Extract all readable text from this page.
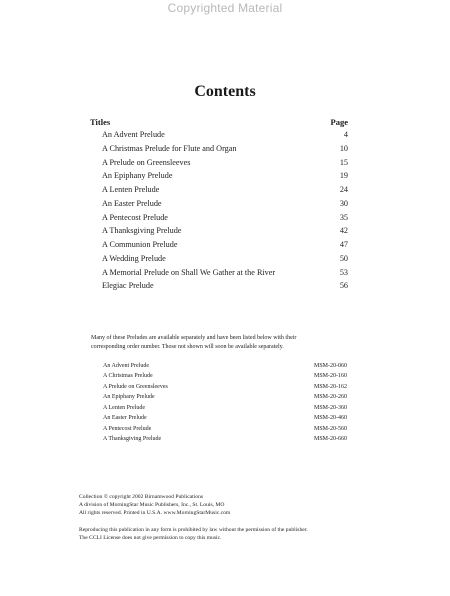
Copyrighted Material
Contents
Titles	Page
An Advent Prelude	4
A Christmas Prelude for Flute and Organ	10
A Prelude on Greensleeves	15
An Epiphany Prelude	19
A Lenten Prelude	24
An Easter Prelude	30
A Pentecost Prelude	35
A Thanksgiving Prelude	42
A Communion Prelude	47
A Wedding Prelude	50
A Memorial Prelude on Shall We Gather at the River	53
Elegiac Prelude	56
Many of these Preludes are available separately and have been listed below with their
corresponding order number. Those not shown will soon be available separately.
An Advent Prelude	MSM-20-060
A Christmas Prelude	MSM-20-160
A Prelude on Greensleeves	MSM-20-162
An Epiphany Prelude	MSM-20-260
A Lenten Prelude	MSM-20-360
An Easter Prelude	MSM-20-460
A Pentecost Prelude	MSM-20-560
A Thanksgiving Prelude	MSM-20-660
Collection © copyright 2002 Birnamwood Publications
A division of MorningStar Music Publishers, Inc., St. Louis, MO
All rights reserved. Printed in U.S.A. www.MorningStarMusic.com
Reproducing this publication in any form is prohibited by law without the permission of the publisher.
The CCLI License does not give permission to copy this music.
